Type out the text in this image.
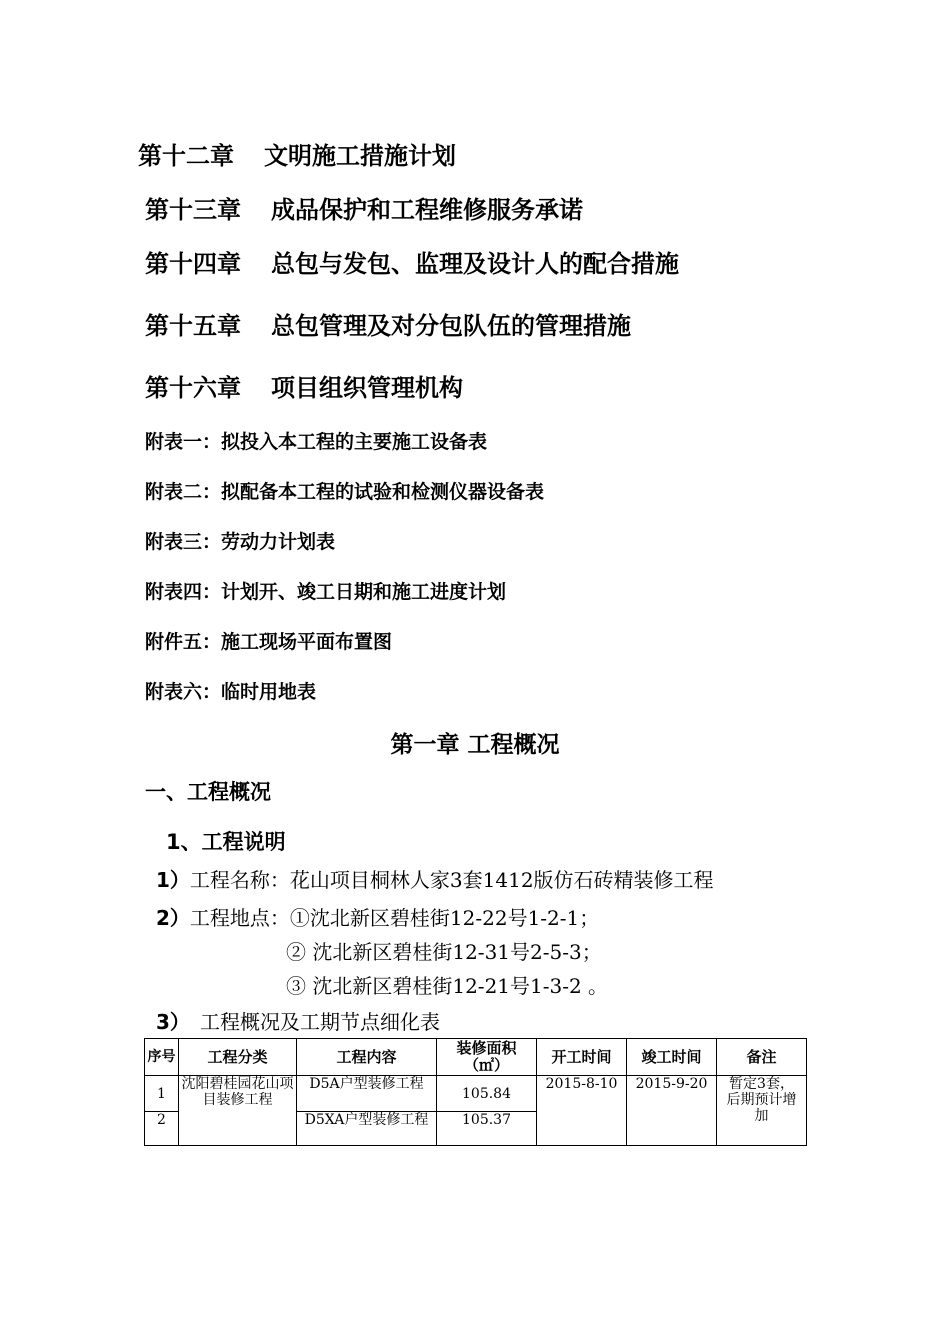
第十二章 文明施工措施计划
第十三章 成品保护和工程维修服务承诺
第十四章 总包与发包、监理及设计人的配合措施
第十五章 总包管理及对分包队伍的管理措施
第十六章 项目组织管理机构
附表一：拟投入本工程的主要施工设备表
附表二：拟配备本工程的试验和检测仪器设备表
附表三：劳动力计划表
附表四：计划开、竣工日期和施工进度计划
附件五：施工现场平面布置图
附表六：临时用地表
第一章 工程概况
一、工程概况
1、工程说明
1）工程名称：花山项目桐林人家3套1412版仿石砖精装修工程
2）工程地点：①沈北新区碧桂街12-22号1-2-1；
② 沈北新区碧桂街12-31号2-5-3；
③ 沈北新区碧桂街12-21号1-3-2 。
3） 工程概况及工期节点细化表
序号	工程分类	工程内容	装修面积（㎡）	开工时间	竣工时间	备注
1	沈阳碧桂园花山项目装修工程	D5A户型装修工程	105.84	2015-8-10	2015-9-20	暂定3套，后期预计增加
2		D5XA户型装修工程	105.37			
